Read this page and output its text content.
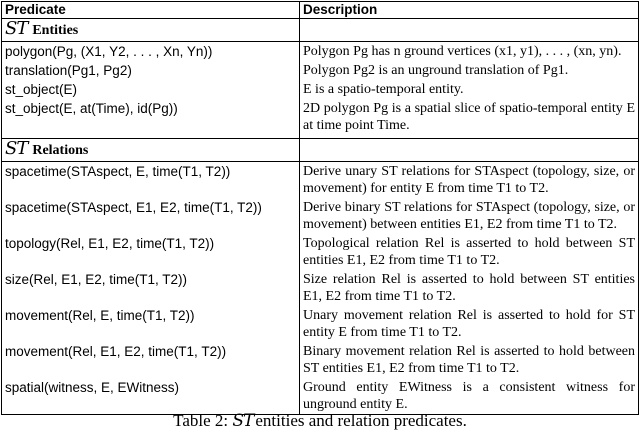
Predicate	Description
ST Entities	
polygon(Pg, (X1, Y2, . . . , Xn, Yn))	Polygon Pg has n ground vertices (x1, y1), . . . , (xn, yn).
translation(Pg1, Pg2)	Polygon Pg2 is an unground translation of Pg1.
st_object(E)	E is a spatio-temporal entity.
st_object(E, at(Time), id(Pg))	2D polygon Pg is a spatial slice of spatio-temporal entity E at time point Time.
ST Relations	
spacetime(STAspect, E, time(T1, T2))	Derive unary ST relations for STAspect (topology, size, or movement) for entity E from time T1 to T2.
spacetime(STAspect, E1, E2, time(T1, T2))	Derive binary ST relations for STAspect (topology, size, or movement) between entities E1, E2 from time T1 to T2.
topology(Rel, E1, E2, time(T1, T2))	Topological relation Rel is asserted to hold between ST entities E1, E2 from time T1 to T2.
size(Rel, E1, E2, time(T1, T2))	Size relation Rel is asserted to hold between ST entities E1, E2 from time T1 to T2.
movement(Rel, E, time(T1, T2))	Unary movement relation Rel is asserted to hold for ST entity E from time T1 to T2.
movement(Rel, E1, E2, time(T1, T2))	Binary movement relation Rel is asserted to hold between ST entities E1, E2 from time T1 to T2.
spatial(witness, E, EWitness)	Ground entity EWitness is a consistent witness for unground entity E.
Table 2: ST entities and relation predicates.
